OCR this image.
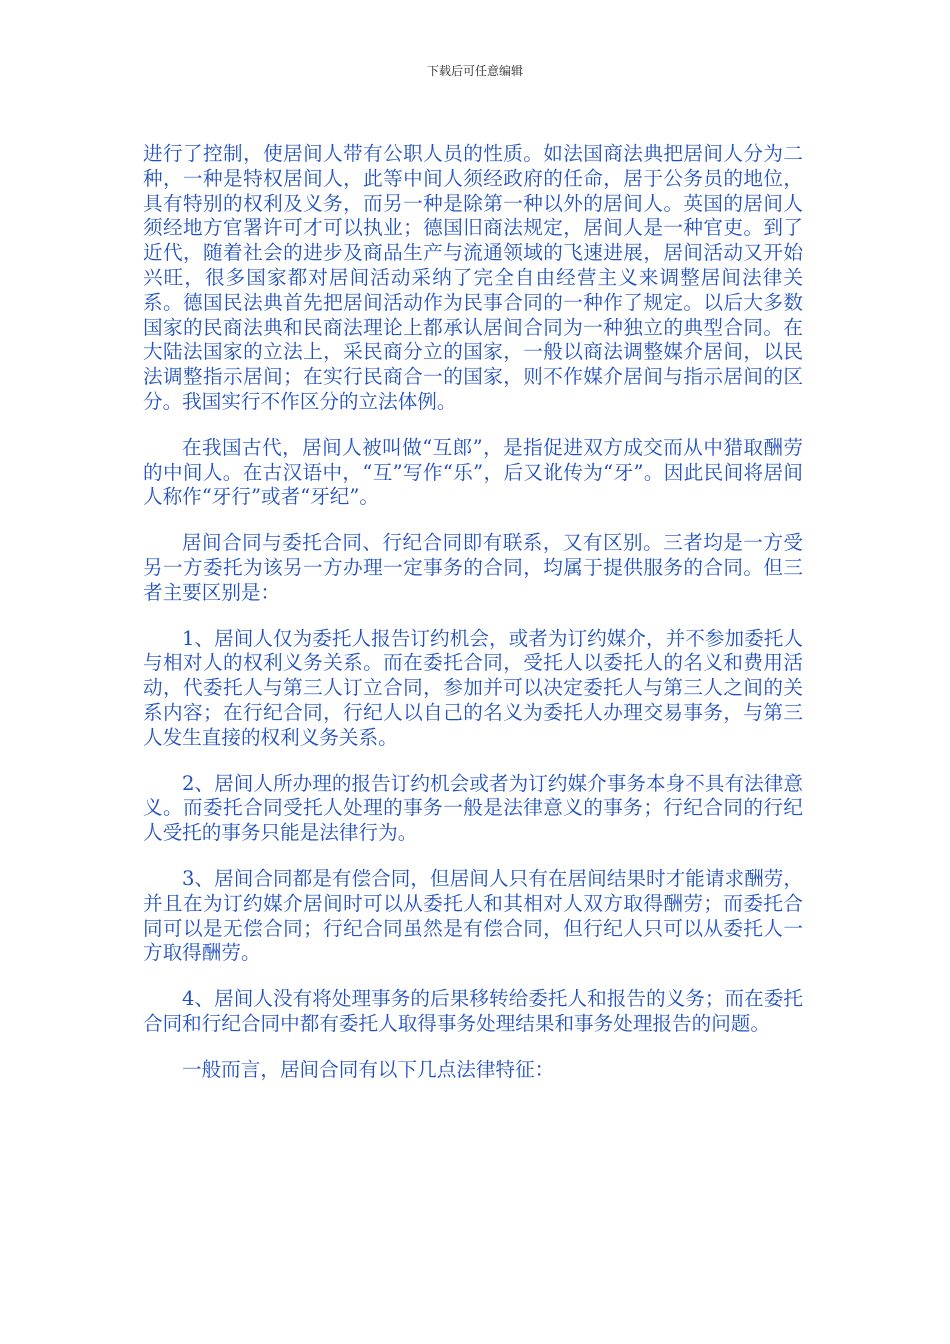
下载后可任意编辑

进行了控制，使居间人带有公职人员的性质。如法国商法典把居间人分为二种，一种是特权居间人，此等中间人须经政府的任命，居于公务员的地位，具有特别的权利及义务，而另一种是除第一种以外的居间人。英国的居间人须经地方官署许可才可以执业；德国旧商法规定，居间人是一种官吏。到了近代，随着社会的进步及商品生产与流通领域的飞速进展，居间活动又开始兴旺，很多国家都对居间活动采纳了完全自由经营主义来调整居间法律关系。德国民法典首先把居间活动作为民事合同的一种作了规定。以后大多数国家的民商法典和民商法理论上都承认居间合同为一种独立的典型合同。在大陆法国家的立法上，采民商分立的国家，一般以商法调整媒介居间，以民法调整指示居间；在实行民商合一的国家，则不作媒介居间与指示居间的区分。我国实行不作区分的立法体例。

在我国古代，居间人被叫做“互郎”，是指促进双方成交而从中猎取酬劳的中间人。在古汉语中，“互”写作“乐”，后又讹传为“牙”。因此民间将居间人称作“牙行”或者“牙纪”。

居间合同与委托合同、行纪合同即有联系，又有区别。三者均是一方受另一方委托为该另一方办理一定事务的合同，均属于提供服务的合同。但三者主要区别是：

1、居间人仅为委托人报告订约机会，或者为订约媒介，并不参加委托人与相对人的权利义务关系。而在委托合同，受托人以委托人的名义和费用活动，代委托人与第三人订立合同，参加并可以决定委托人与第三人之间的关系内容；在行纪合同，行纪人以自己的名义为委托人办理交易事务，与第三人发生直接的权利义务关系。

2、居间人所办理的报告订约机会或者为订约媒介事务本身不具有法律意义。而委托合同受托人处理的事务一般是法律意义的事务；行纪合同的行纪人受托的事务只能是法律行为。

3、居间合同都是有偿合同，但居间人只有在居间结果时才能请求酬劳，并且在为订约媒介居间时可以从委托人和其相对人双方取得酬劳；而委托合同可以是无偿合同；行纪合同虽然是有偿合同，但行纪人只可以从委托人一方取得酬劳。

4、居间人没有将处理事务的后果移转给委托人和报告的义务；而在委托合同和行纪合同中都有委托人取得事务处理结果和事务处理报告的问题。

一般而言，居间合同有以下几点法律特征：
